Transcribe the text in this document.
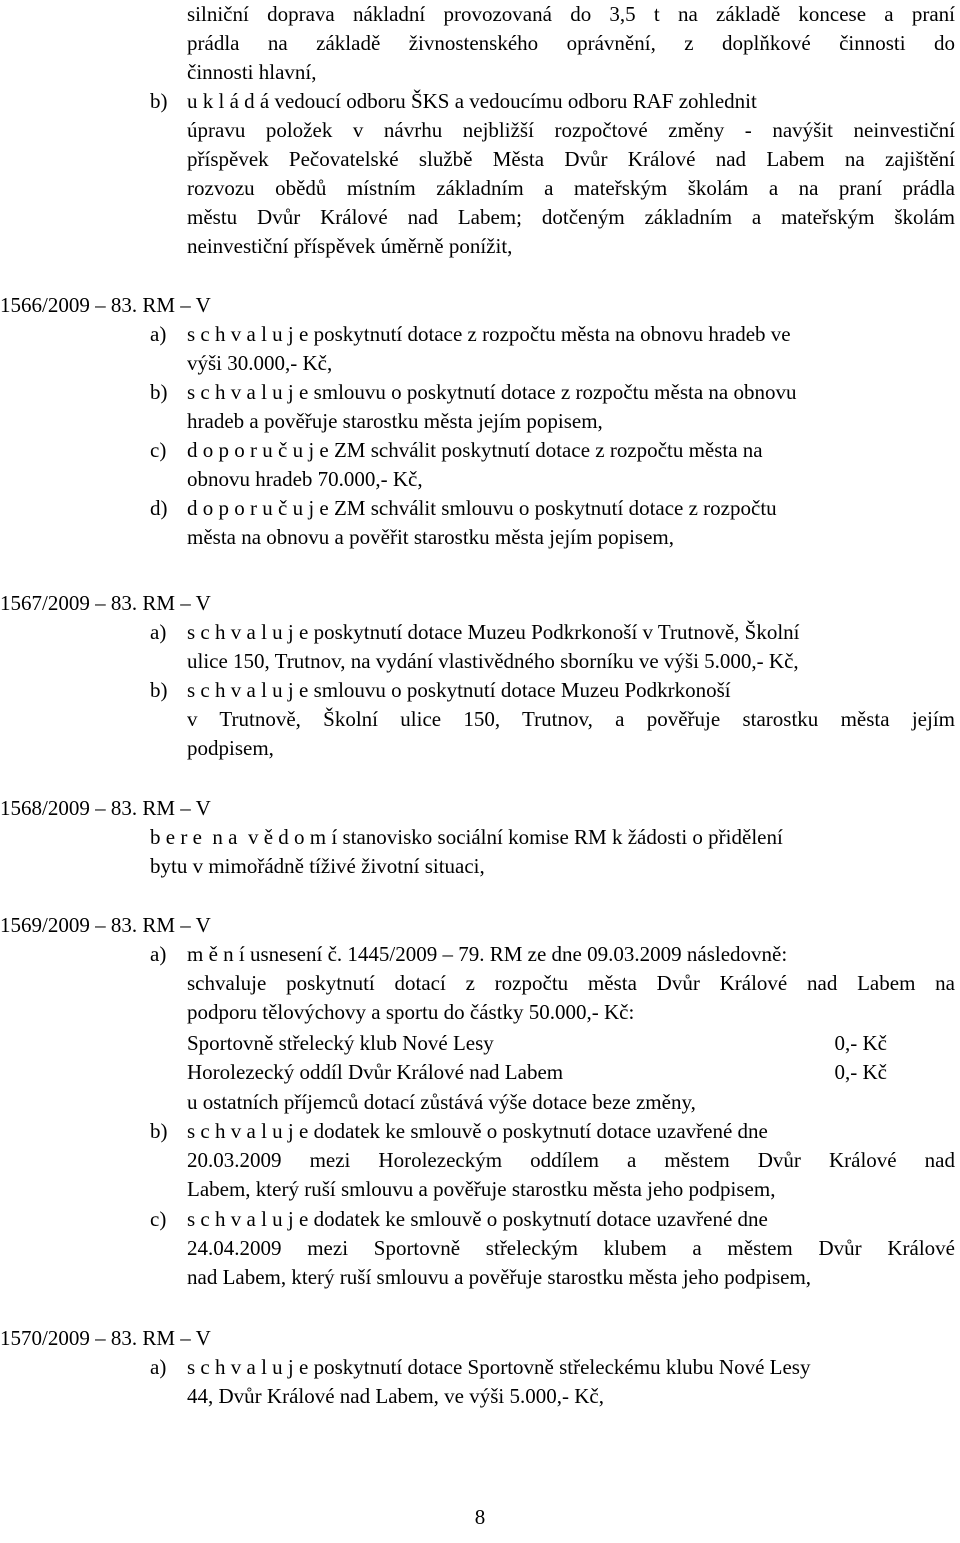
silniční doprava nákladní provozovaná do 3,5 t na základě koncese a praní
prádla na základě živnostenského oprávnění, z doplňkové činnosti do
činnosti hlavní,
b) u k l á d á vedoucí odboru ŠKS a vedoucímu odboru RAF zohlednit
úpravu položek v návrhu nejbližší rozpočtové změny - navýšit neinvestiční
příspěvek Pečovatelské službě Města Dvůr Králové nad Labem na zajištění
rozvozu obědů místním základním a mateřským školám a na praní prádla
městu Dvůr Králové nad Labem; dotčeným základním a mateřským školám
neinvestiční příspěvek úměrně ponížit,
1566/2009 – 83. RM – V
a) s c h v a l u j e poskytnutí dotace z rozpočtu města na obnovu hradeb ve
výši 30.000,- Kč,
b) s c h v a l u j e smlouvu o poskytnutí dotace z rozpočtu města na obnovu
hradeb a pověřuje starostku města jejím popisem,
c) d o p o r u č u j e ZM schválit poskytnutí dotace z rozpočtu města na
obnovu hradeb 70.000,- Kč,
d) d o p o r u č u j e ZM schválit smlouvu o poskytnutí dotace z rozpočtu
města na obnovu a pověřit starostku města jejím popisem,
1567/2009 – 83. RM – V
a) s c h v a l u j e poskytnutí dotace Muzeu Podkrkonoší v Trutnově, Školní
ulice 150, Trutnov, na vydání vlastivědného sborníku ve výši 5.000,- Kč,
b) s c h v a l u j e smlouvu o poskytnutí dotace Muzeu Podkrkonoší
v Trutnově, Školní ulice 150, Trutnov, a pověřuje starostku města jejím
podpisem,
1568/2009 – 83. RM – V
b e r e  n a  v ě d o m í stanovisko sociální komise RM k žádosti o přidělení
bytu v mimořádně tíživé životní situaci,
1569/2009 – 83. RM – V
a) m ě n í usnesení č. 1445/2009 – 79. RM ze dne 09.03.2009 následovně:
schvaluje poskytnutí dotací z rozpočtu města Dvůr Králové nad Labem na
podporu tělovýchovy a sportu do částky 50.000,- Kč:
Sportovně střelecký klub Nové Lesy	0,- Kč
Horolezecký oddíl Dvůr Králové nad Labem	0,- Kč
u ostatních příjemců dotací zůstává výše dotace beze změny,
b) s c h v a l u j e dodatek ke smlouvě o poskytnutí dotace uzavřené dne
20.03.2009 mezi Horolezeckým oddílem a městem Dvůr Králové nad
Labem, který ruší smlouvu a pověřuje starostku města jeho podpisem,
c) s c h v a l u j e dodatek ke smlouvě o poskytnutí dotace uzavřené dne
24.04.2009 mezi Sportovně střeleckým klubem a městem Dvůr Králové
nad Labem, který ruší smlouvu a pověřuje starostku města jeho podpisem,
1570/2009 – 83. RM – V
a) s c h v a l u j e poskytnutí dotace Sportovně střeleckému klubu Nové Lesy
44, Dvůr Králové nad Labem, ve výši 5.000,- Kč,
8
